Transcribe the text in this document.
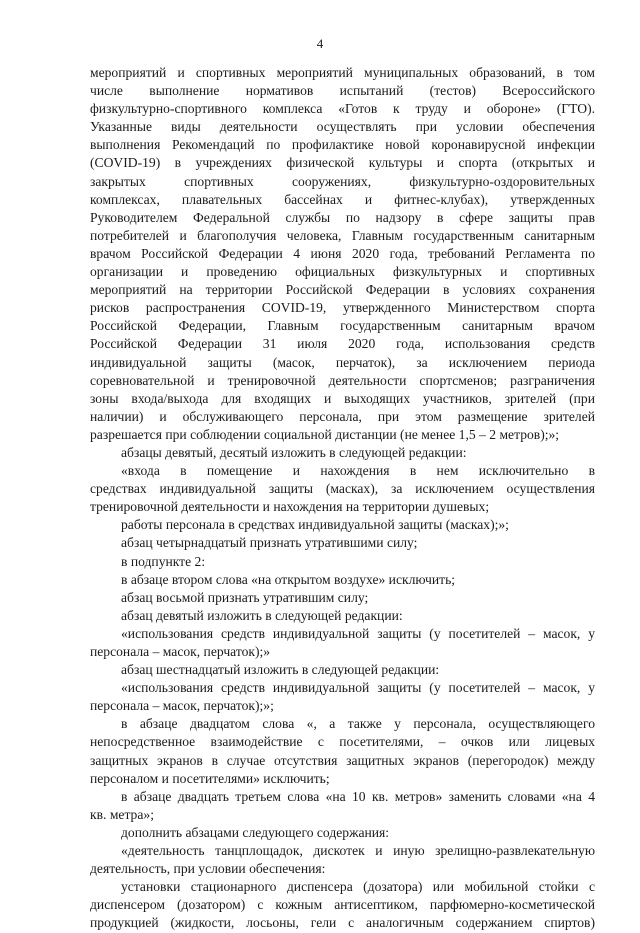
4
мероприятий и спортивных мероприятий муниципальных образований, в том
числе выполнение нормативов испытаний (тестов) Всероссийского
физкультурно-спортивного комплекса «Готов к труду и обороне» (ГТО).
Указанные виды деятельности осуществлять при условии обеспечения
выполнения Рекомендаций по профилактике новой коронавирусной инфекции
(COVID-19) в учреждениях физической культуры и спорта (открытых и
закрытых спортивных сооружениях, физкультурно-оздоровительных
комплексах, плавательных бассейнах и фитнес-клубах), утвержденных
Руководителем Федеральной службы по надзору в сфере защиты прав
потребителей и благополучия человека, Главным государственным санитарным
врачом Российской Федерации 4 июня 2020 года, требований Регламента по
организации и проведению официальных физкультурных и спортивных
мероприятий на территории Российской Федерации в условиях сохранения
рисков распространения COVID-19, утвержденного Министерством спорта
Российской Федерации, Главным государственным санитарным врачом
Российской Федерации 31 июля 2020 года, использования средств
индивидуальной защиты (масок, перчаток), за исключением периода
соревновательной и тренировочной деятельности спортсменов; разграничения
зоны входа/выхода для входящих и выходящих участников, зрителей (при
наличии) и обслуживающего персонала, при этом размещение зрителей
разрешается при соблюдении социальной дистанции (не менее 1,5 – 2 метров);»;
абзацы девятый, десятый изложить в следующей редакции:
«входа в помещение и нахождения в нем исключительно в
средствах индивидуальной защиты (масках), за исключением осуществления
тренировочной деятельности и нахождения на территории душевых;
работы персонала в средствах индивидуальной защиты (масках);»;
абзац четырнадцатый признать утратившими силу;
в подпункте 2:
в абзаце втором слова «на открытом воздухе» исключить;
абзац восьмой признать утратившим силу;
абзац девятый изложить в следующей редакции:
«использования средств индивидуальной защиты (у посетителей – масок, у
персонала – масок, перчаток);»
абзац шестнадцатый изложить в следующей редакции:
«использования средств индивидуальной защиты (у посетителей – масок, у
персонала – масок, перчаток);»;
в абзаце двадцатом слова «, а также у персонала, осуществляющего
непосредственное взаимодействие с посетителями, – очков или лицевых
защитных экранов в случае отсутствия защитных экранов (перегородок) между
персоналом и посетителями» исключить;
в абзаце двадцать третьем слова «на 10 кв. метров» заменить словами «на 4
кв. метра»;
дополнить абзацами следующего содержания:
«деятельность танцплощадок, дискотек и иную зрелищно-развлекательную
деятельность, при условии обеспечения:
установки стационарного диспенсера (дозатора) или мобильной стойки с
диспенсером (дозатором) с кожным антисептиком, парфюмерно-косметической
продукцией (жидкости, лосьоны, гели с аналогичным содержанием спиртов)
